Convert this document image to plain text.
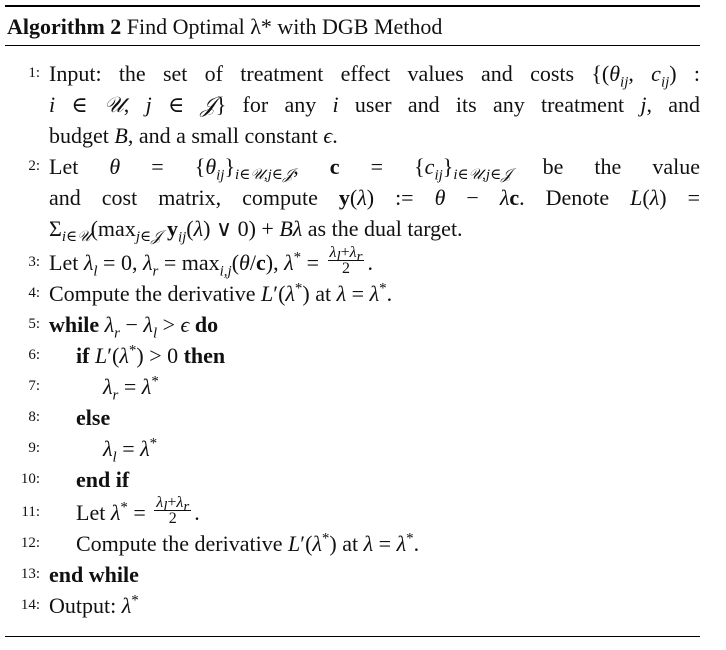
Algorithm 2 Find Optimal λ* with DGB Method
1: Input: the set of treatment effect values and costs {($\theta_{ij}$, $c_{ij}$) :
i ∈ 𝒰, j ∈ 𝒥} for any i user and its any treatment j, and
budget B, and a small constant ϵ.
2: Let $\theta = \{\theta_{ij}\}_{i\in 𝒰,j\in 𝒥}$, $c = \{c_{ij}\}_{i\in 𝒰,j\in 𝒥}$ be the value
and cost matrix, compute y(λ) := θ − λc. Denote L(λ) =
$\Sigma_{i\in 𝒰}(\max_{j\in 𝒥}$ $y_{ij}(\lambda)$ ∨ 0) + Bλ as the dual target.
3: Let $\lambda_l = 0$, $\lambda_r = \max_{i,j}(\theta/c)$, $\lambda^* = \frac{\lambda_l+\lambda_r}{2}$ .
4: Compute the derivative L′(λ*) at λ = λ*.
5: while $\lambda_r - \lambda_l > \epsilon$ do
6: if L′(λ*) > 0 then
7:	$\lambda_r = \lambda^*$
8: else
9:	$\lambda_l = \lambda^*$
10: end if
11: Let $\lambda^* = \frac{\lambda_l+\lambda_r}{2}$ .
12: Compute the derivative L′(λ*) at λ = λ*.
13: end while
14: Output: λ*
